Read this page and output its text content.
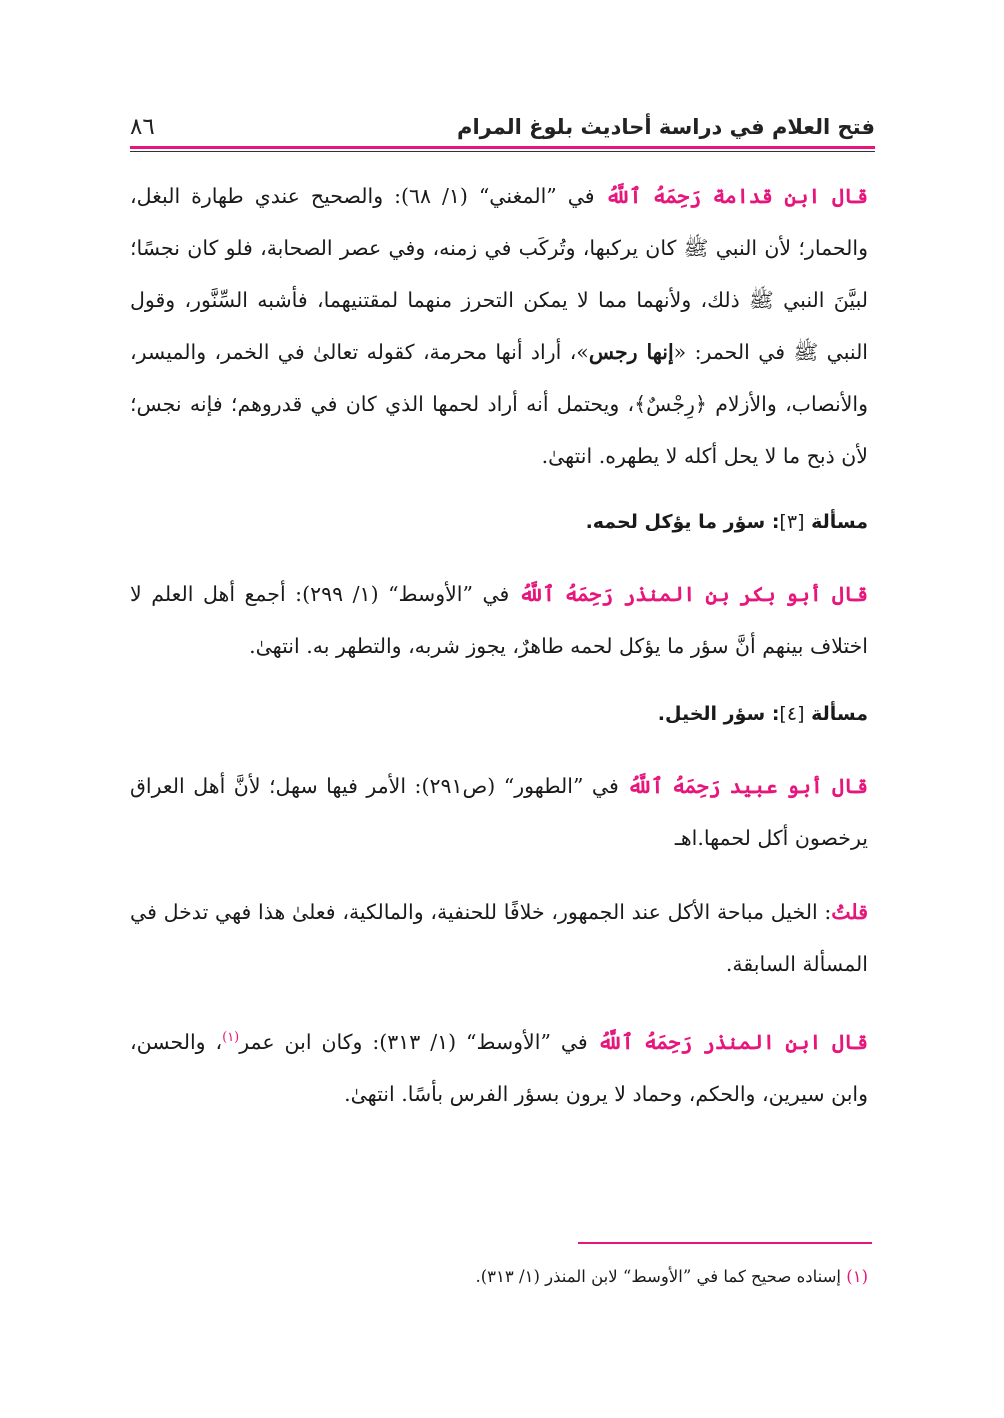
فتح العلام في دراسة أحاديث بلوغ المرام
٨٦

قال ابن قدامة رَحِمَهُ ٱللَّهُ في ”المغني“ (١/ ٦٨): والصحيح عندي طهارة البغل، والحمار؛ لأن النبي ﷺ كان يركبها، وتُركَب في زمنه، وفي عصر الصحابة، فلو كان نجسًا؛ لبيَّنَ النبي ﷺ ذلك، ولأنهما مما لا يمكن التحرز منهما لمقتنيهما، فأشبه السِّنَّور، وقول النبي ﷺ في الحمر: «إنها رجس»، أراد أنها محرمة، كقوله تعالىٰ في الخمر، والميسر، والأنصاب، والأزلام ﴿رِجْسٌ﴾، ويحتمل أنه أراد لحمها الذي كان في قدروهم؛ فإنه نجس؛ لأن ذبح ما لا يحل أكله لا يطهره. انتهىٰ.

مسألة [٣]: سؤر ما يؤكل لحمه.

قال أبو بكر بن المنذر رَحِمَهُ ٱللَّهُ في ”الأوسط“ (١/ ٢٩٩): أجمع أهل العلم لا اختلاف بينهم أنَّ سؤر ما يؤكل لحمه طاهرٌ، يجوز شربه، والتطهر به. انتهىٰ.

مسألة [٤]: سؤر الخيل.

قال أبو عبيد رَحِمَهُ ٱللَّهُ في ”الطهور“ (ص٢٩١): الأمر فيها سهل؛ لأنَّ أهل العراق يرخصون أكل لحمها.اهـ

قلتُ: الخيل مباحة الأكل عند الجمهور، خلافًا للحنفية، والمالكية، فعلىٰ هذا فهي تدخل في المسألة السابقة.

قال ابن المنذر رَحِمَهُ ٱللَّهُ في ”الأوسط“ (١/ ٣١٣): وكان ابن عمر$^{(١)}$، والحسن، وابن سيرين، والحكم، وحماد لا يرون بسؤر الفرس بأسًا. انتهىٰ.

(١) إسناده صحيح كما في ”الأوسط“ لابن المنذر (١/ ٣١٣).
